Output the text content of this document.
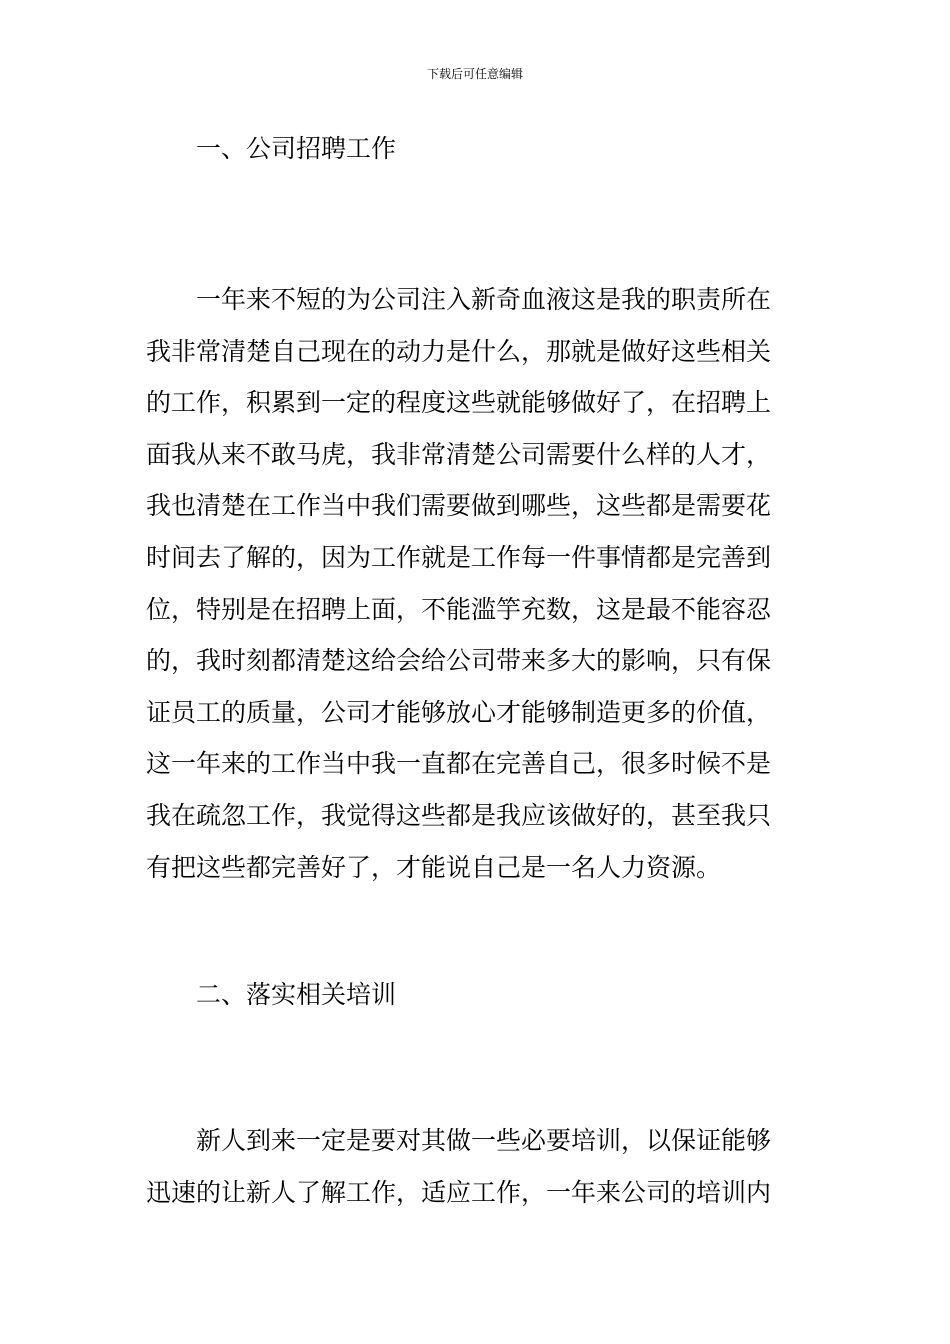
下载后可任意编辑
一、公司招聘工作
一年来不短的为公司注入新奇血液这是我的职责所在
我非常清楚自己现在的动力是什么，那就是做好这些相关
的工作，积累到一定的程度这些就能够做好了，在招聘上
面我从来不敢马虎，我非常清楚公司需要什么样的人才，
我也清楚在工作当中我们需要做到哪些，这些都是需要花
时间去了解的，因为工作就是工作每一件事情都是完善到
位，特别是在招聘上面，不能滥竽充数，这是最不能容忍
的，我时刻都清楚这给会给公司带来多大的影响，只有保
证员工的质量，公司才能够放心才能够制造更多的价值，
这一年来的工作当中我一直都在完善自己，很多时候不是
我在疏忽工作，我觉得这些都是我应该做好的，甚至我只
有把这些都完善好了，才能说自己是一名人力资源。
二、落实相关培训
新人到来一定是要对其做一些必要培训，以保证能够
迅速的让新人了解工作，适应工作，一年来公司的培训内
